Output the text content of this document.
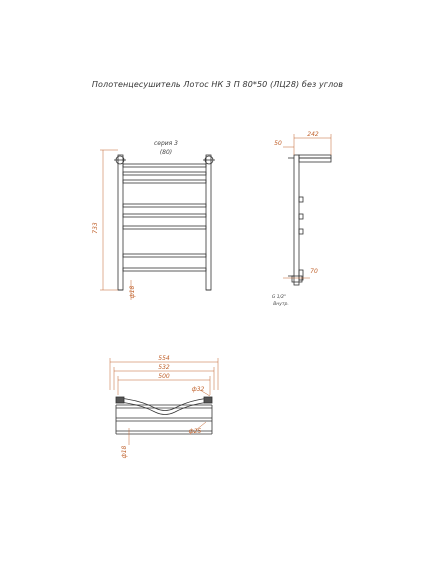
Полотенцесушитель Лотос НК 3 П 80*50 (ЛЦ28) без углов
733
серия 3
(80)
ф18
242
50
70
G 1/2"
Внутр.
554
532
500
ф32
ф25
ф18
